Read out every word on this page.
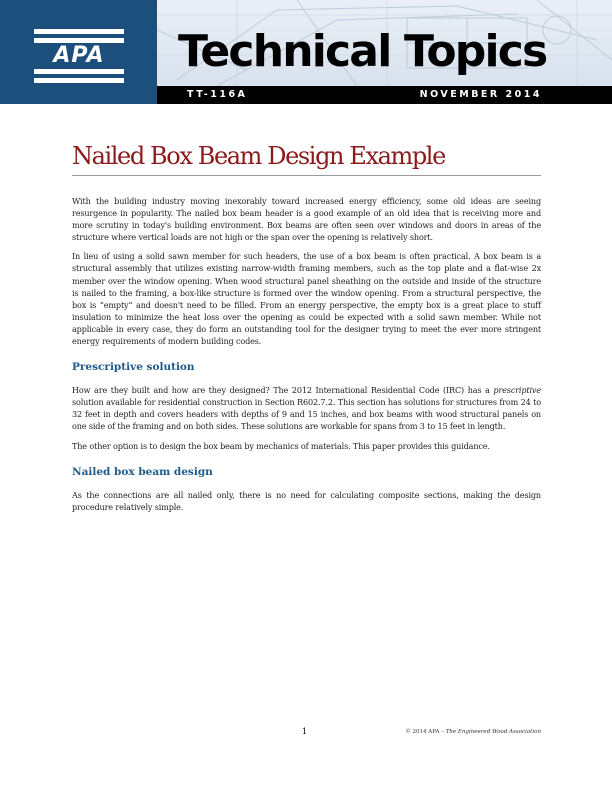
APA	Technical Topics
TT-116A	NOVEMBER 2014
Nailed Box Beam Design Example

With the building industry moving inexorably toward increased energy efficiency, some old ideas are seeing resurgence in popularity. The nailed box beam header is a good example of an old idea that is receiving more and more scrutiny in today's building environment. Box beams are often seen over windows and doors in areas of the structure where vertical loads are not high or the span over the opening is relatively short.

In lieu of using a solid sawn member for such headers, the use of a box beam is often practical. A box beam is a structural assembly that utilizes existing narrow-width framing members, such as the top plate and a flat-wise 2x member over the window opening. When wood structural panel sheathing on the outside and inside of the structure is nailed to the framing, a box-like structure is formed over the window opening. From a structural perspective, the box is “empty” and doesn't need to be filled. From an energy perspective, the empty box is a great place to stuff insulation to minimize the heat loss over the opening as could be expected with a solid sawn member. While not applicable in every case, they do form an outstanding tool for the designer trying to meet the ever more stringent energy requirements of modern building codes.

Prescriptive solution

How are they built and how are they designed? The 2012 International Residential Code (IRC) has a prescriptive solution available for residential construction in Section R602.7.2. This section has solutions for structures from 24 to 32 feet in depth and covers headers with depths of 9 and 15 inches, and box beams with wood structural panels on one side of the framing and on both sides. These solutions are workable for spans from 3 to 15 feet in length.

The other option is to design the box beam by mechanics of materials. This paper provides this guidance.

Nailed box beam design

As the connections are all nailed only, there is no need for calculating composite sections, making the design procedure relatively simple.

1	© 2014 APA – The Engineered Wood Association
